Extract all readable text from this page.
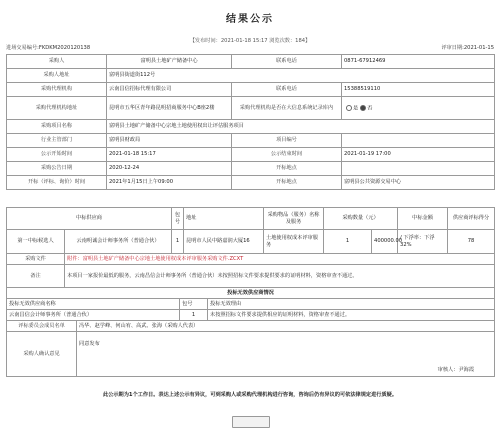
结果公示
【发布时间：2021-01-18 15:17 浏览次数：184】
进场交易编号:FKDKM2020120138	评审日期:2021-01-15
采购人	富明县土地矿产储备中心	联系电话	0871-67912469
采购人地址	富明县街道街112号		
采购代理机构	云南昌信招标代理有限公司	联系电话	15388519110
采购代理机构地址	昆明市五华区青年路昆明招商服务中心B座2楼	采购代理机构是否在大信息系统记录库内	是 否
采购项目名称	富明县土地矿产储备中心宗地土地使用权出让评估服务项目		
行业主管部门	富明县财政局	项目编号	
公示开始时间	2021-01-18 15:17	公示结束时间	2021-01-19 17:00
采购公告日期	2020-12-24	开标地点	
开标（评标、询价）时间	2021年1月15日上午09:00	开标地点	富明县公共资源交易中心
中标供应商		包号	地址	采购物品（服务）名称及服务	采购数量（元）		中标金额	供应商评标得分
第一中标候选人	云南明诚会计师事务所（普通合伙）	1	昆明市人民中路嘉润大厦16	土地使用权成本评审服务	1	400000.00	/ 下浮率：下浮32%	78
采购文件	附件：富明县土地矿产储备中心宗地土地使用权成本评审服务采购文件.ZCXT							
备注	本项目一家报价最低的服务，云南昌信会计师事务所（普通合伙）未按照招标文件要求提供要求的证明材料，资格审查不通过。							
投标无效供应商情况			
投标无效供应商名称		包号	投标无效理由
云南昌信会计师事务所（普通合伙）		1	未按照招标文件要求提供相应的证明材料，资格审查不通过。
评标委员会成员名单	冯华、赵学峰、何山宥、高武、张海（采购人代表）		
采购人确认意见	同意发布
审核人：尹海霞		
此公示期为1个工作日。表达上述公示有异议，可到采购人或采购代理机构进行咨询，咨询后仍有异议的可依法律规定进行质疑。
